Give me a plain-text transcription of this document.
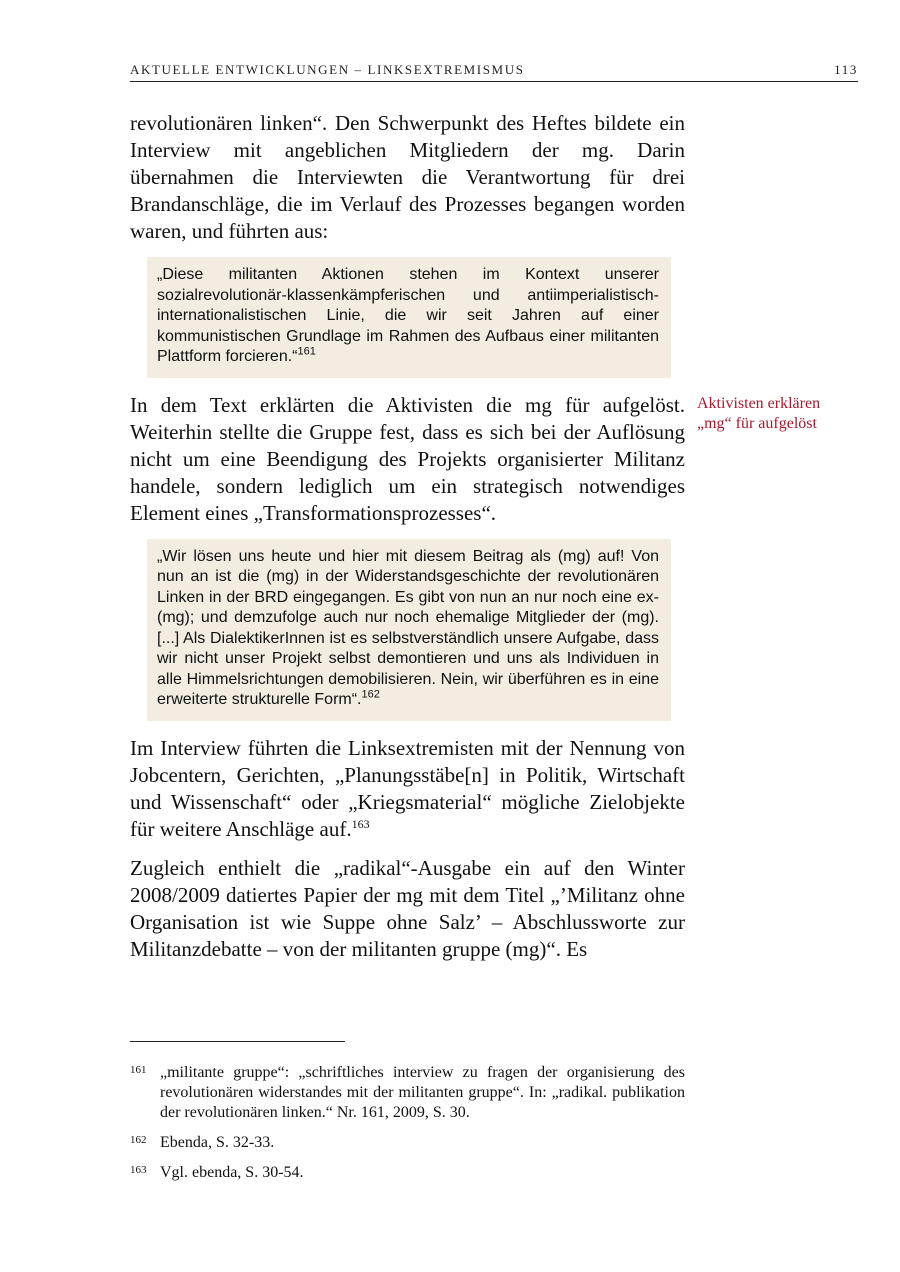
AKTUELLE ENTWICKLUNGEN – LINKSEXTREMISMUS	113

revolutionären linken“. Den Schwerpunkt des Heftes bildete ein Interview mit angeblichen Mitgliedern der mg. Darin übernahmen die Interviewten die Verantwortung für drei Brandanschläge, die im Verlauf des Prozesses begangen worden waren, und führten aus:

„Diese militanten Aktionen stehen im Kontext unserer sozialrevolutionär-klassenkämpferischen und antiimperialistisch-internationalistischen Linie, die wir seit Jahren auf einer kommunistischen Grundlage im Rahmen des Aufbaus einer militanten Plattform forcieren.“$^{161}$

In dem Text erklärten die Aktivisten die mg für aufgelöst. Weiterhin stellte die Gruppe fest, dass es sich bei der Auflösung nicht um eine Beendigung des Projekts organisierter Militanz handele, sondern lediglich um ein strategisch notwendiges Element eines „Transformationsprozesses“.

„Wir lösen uns heute und hier mit diesem Beitrag als (mg) auf! Von nun an ist die (mg) in der Widerstandsgeschichte der revolutionären Linken in der BRD eingegangen. Es gibt von nun an nur noch eine ex-(mg); und demzufolge auch nur noch ehemalige Mitglieder der (mg). [...] Als DialektikerInnen ist es selbstverständlich unsere Aufgabe, dass wir nicht unser Projekt selbst demontieren und uns als Individuen in alle Himmelsrichtungen demobilisieren. Nein, wir überführen es in eine erweiterte strukturelle Form“.$^{162}$

Im Interview führten die Linksextremisten mit der Nennung von Jobcentern, Gerichten, „Planungsstäbe[n] in Politik, Wirtschaft und Wissenschaft“ oder „Kriegsmaterial“ mögliche Zielobjekte für weitere Anschläge auf.$^{163}$

Zugleich enthielt die „radikal“-Ausgabe ein auf den Winter 2008/2009 datiertes Papier der mg mit dem Titel „’Militanz ohne Organisation ist wie Suppe ohne Salz’ – Abschlussworte zur Militanzdebatte – von der militanten gruppe (mg)“. Es

Aktivisten erklären
„mg“ für aufgelöst
161 „militante gruppe“: „schriftliches interview zu fragen der organisierung des revolutionären widerstandes mit der militanten gruppe“. In: „radikal. publikation der revolutionären linken.“ Nr. 161, 2009, S. 30.
162 Ebenda, S. 32-33.
163 Vgl. ebenda, S. 30-54.
